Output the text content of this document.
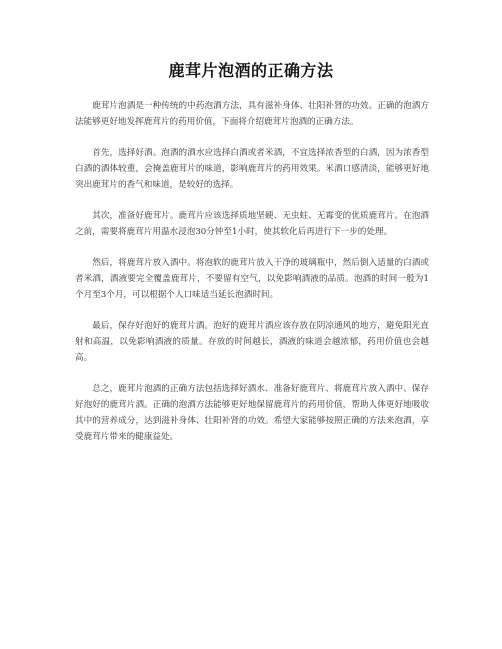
鹿茸片泡酒的正确方法

鹿茸片泡酒是一种传统的中药泡酒方法，具有滋补身体、壮阳补肾的功效。正确的泡酒方法能够更好地发挥鹿茸片的药用价值，下面将介绍鹿茸片泡酒的正确方法。

首先，选择好酒。泡酒的酒水应选择白酒或者米酒，不宜选择浓香型的白酒，因为浓香型白酒的酒体较重，会掩盖鹿茸片的味道，影响鹿茸片的药用效果。米酒口感清淡，能够更好地突出鹿茸片的香气和味道，是较好的选择。

其次，准备好鹿茸片。鹿茸片应该选择质地坚硬、无虫蛀、无霉变的优质鹿茸片。在泡酒之前，需要将鹿茸片用温水浸泡30分钟至1小时，使其软化后再进行下一步的处理。

然后，将鹿茸片放入酒中。将泡软的鹿茸片放入干净的玻璃瓶中，然后倒入适量的白酒或者米酒，酒液要完全覆盖鹿茸片，不要留有空气，以免影响酒液的品质。泡酒的时间一般为1个月至3个月，可以根据个人口味适当延长泡酒时间。

最后，保存好泡好的鹿茸片酒。泡好的鹿茸片酒应该存放在阴凉通风的地方，避免阳光直射和高温，以免影响酒液的质量。存放的时间越长，酒液的味道会越浓郁，药用价值也会越高。

总之，鹿茸片泡酒的正确方法包括选择好酒水、准备好鹿茸片、将鹿茸片放入酒中、保存好泡好的鹿茸片酒。正确的泡酒方法能够更好地保留鹿茸片的药用价值，帮助人体更好地吸收其中的营养成分，达到滋补身体、壮阳补肾的功效。希望大家能够按照正确的方法来泡酒，享受鹿茸片带来的健康益处。
